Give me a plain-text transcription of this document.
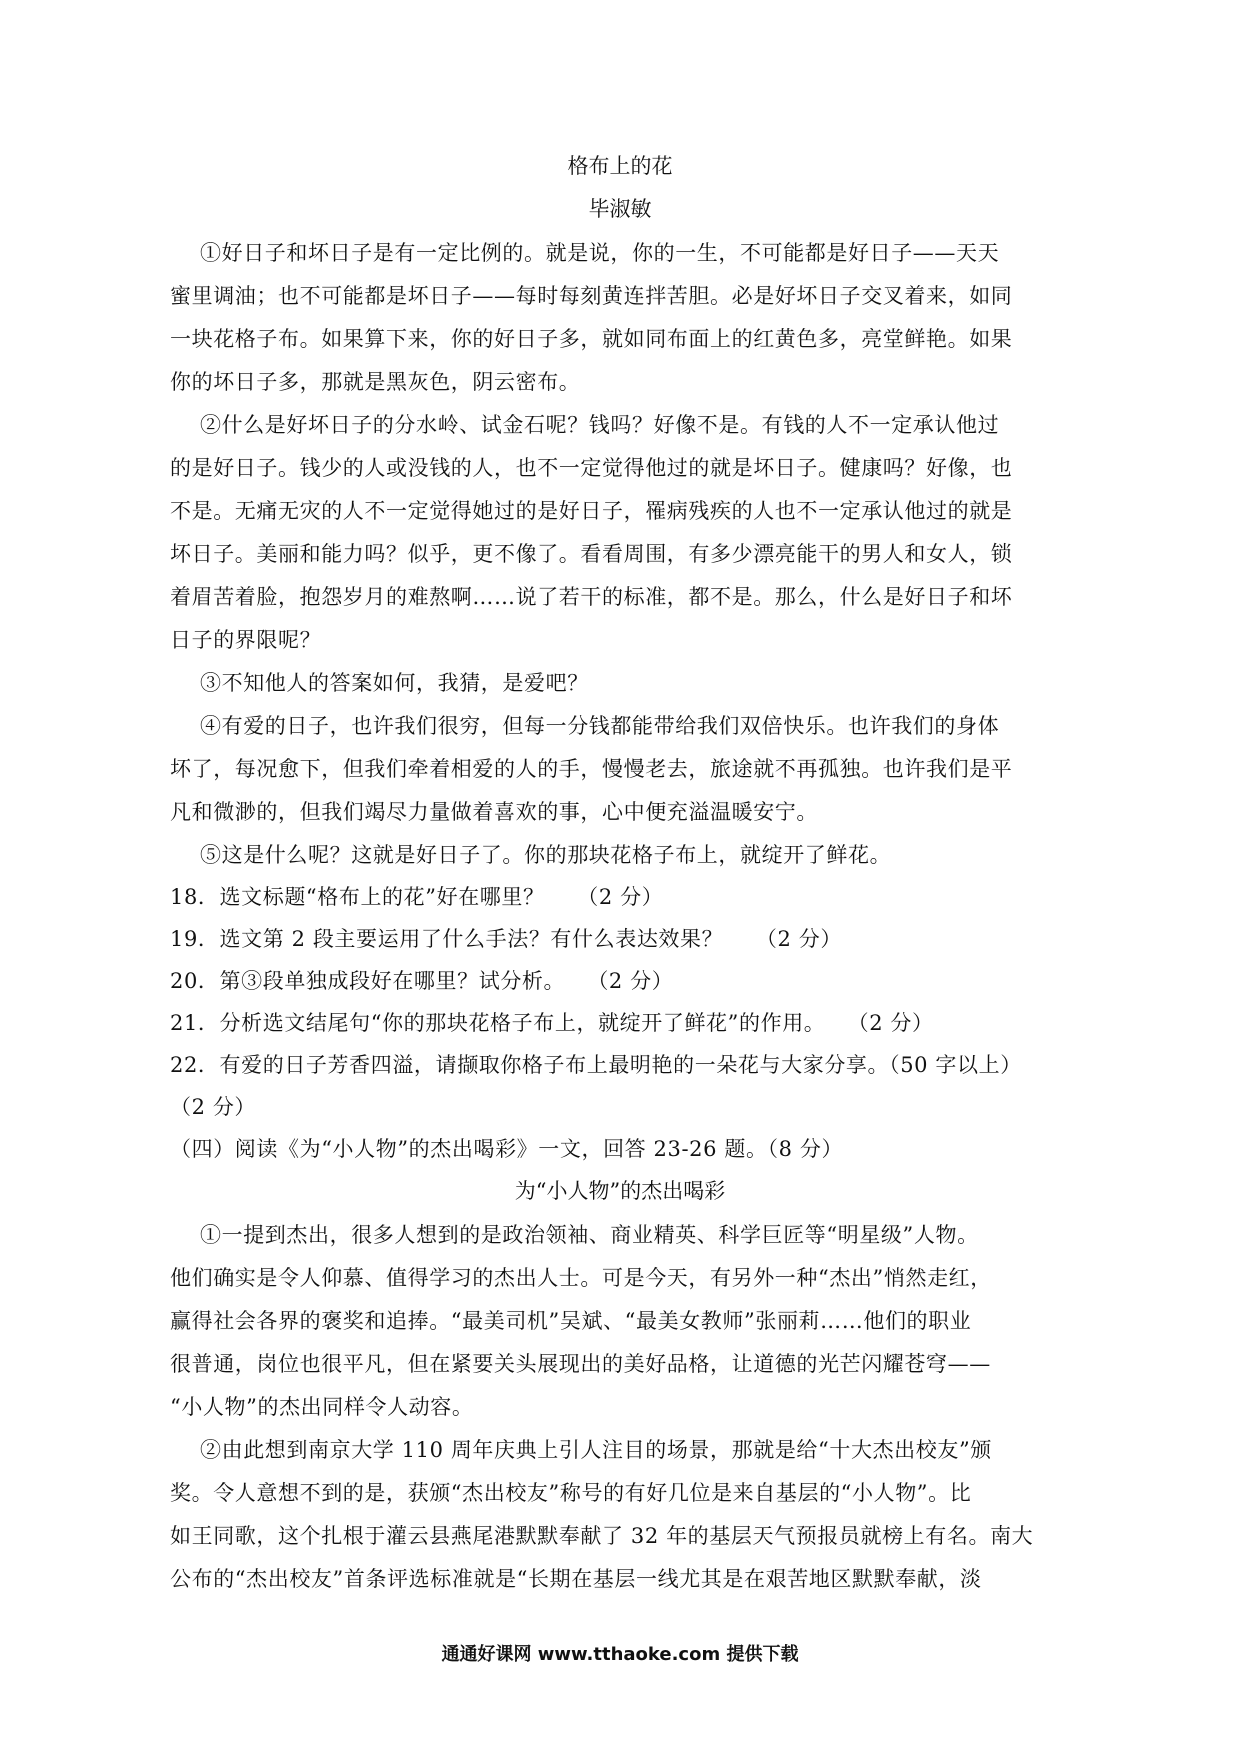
格布上的花
毕淑敏
①好日子和坏日子是有一定比例的。就是说，你的一生，不可能都是好日子——天天
蜜里调油；也不可能都是坏日子——每时每刻黄连拌苦胆。必是好坏日子交叉着来，如同
一块花格子布。如果算下来，你的好日子多，就如同布面上的红黄色多，亮堂鲜艳。如果
你的坏日子多，那就是黑灰色，阴云密布。
②什么是好坏日子的分水岭、试金石呢？钱吗？好像不是。有钱的人不一定承认他过
的是好日子。钱少的人或没钱的人，也不一定觉得他过的就是坏日子。健康吗？好像，也
不是。无痛无灾的人不一定觉得她过的是好日子，罹病残疾的人也不一定承认他过的就是
坏日子。美丽和能力吗？似乎，更不像了。看看周围，有多少漂亮能干的男人和女人，锁
着眉苦着脸，抱怨岁月的难熬啊……说了若干的标准，都不是。那么，什么是好日子和坏
日子的界限呢？
③不知他人的答案如何，我猜，是爱吧？
④有爱的日子，也许我们很穷，但每一分钱都能带给我们双倍快乐。也许我们的身体
坏了，每况愈下，但我们牵着相爱的人的手，慢慢老去，旅途就不再孤独。也许我们是平
凡和微渺的，但我们竭尽力量做着喜欢的事，心中便充溢温暖安宁。
⑤这是什么呢？这就是好日子了。你的那块花格子布上，就绽开了鲜花。
18．选文标题“格布上的花”好在哪里？　　（2 分）
19．选文第 2 段主要运用了什么手法？有什么表达效果？　　（2 分）
20．第③段单独成段好在哪里？试分析。　　（2 分）
21．分析选文结尾句“你的那块花格子布上，就绽开了鲜花”的作用。　　（2 分）
22．有爱的日子芳香四溢，请撷取你格子布上最明艳的一朵花与大家分享。（50 字以上）
（2 分）
（四）阅读《为“小人物”的杰出喝彩》一文，回答 23-26 题。（8 分）
为“小人物”的杰出喝彩
①一提到杰出，很多人想到的是政治领袖、商业精英、科学巨匠等“明星级”人物。
他们确实是令人仰慕、值得学习的杰出人士。可是今天，有另外一种“杰出”悄然走红，
赢得社会各界的褒奖和追捧。“最美司机”吴斌、“最美女教师”张丽莉……他们的职业
很普通，岗位也很平凡，但在紧要关头展现出的美好品格，让道德的光芒闪耀苍穹——
“小人物”的杰出同样令人动容。
②由此想到南京大学 110 周年庆典上引人注目的场景，那就是给“十大杰出校友”颁
奖。令人意想不到的是，获颁“杰出校友”称号的有好几位是来自基层的“小人物”。比
如王同歌，这个扎根于灌云县燕尾港默默奉献了 32 年的基层天气预报员就榜上有名。南大
公布的“杰出校友”首条评选标准就是“长期在基层一线尤其是在艰苦地区默默奉献，淡
通通好课网 www.tthaoke.com 提供下载
